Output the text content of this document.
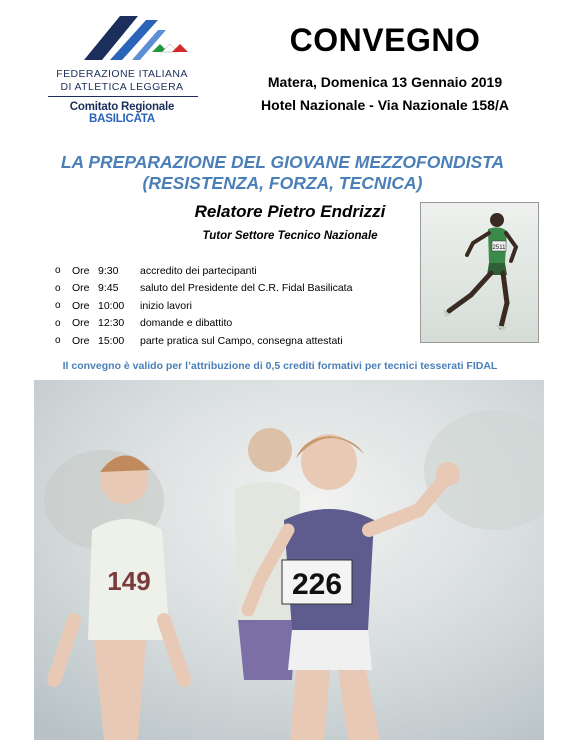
FEDERAZIONE ITALIANA
DI ATLETICA LEGGERA
Comitato Regionale BASILICATA
CONVEGNO
Matera, Domenica 13 Gennaio 2019
Hotel Nazionale - Via Nazionale 158/A
LA PREPARAZIONE DEL GIOVANE MEZZOFONDISTA
(RESISTENZA, FORZA, TECNICA)
Relatore Pietro Endrizzi
Tutor Settore Tecnico Nazionale
2511
o	Ore 9:30	accredito dei partecipanti
o	Ore 9:45	saluto del Presidente del C.R. Fidal Basilicata
o	Ore 10:00	inizio lavori
o	Ore 12:30	domande e dibattito
o	Ore 15:00	parte pratica sul Campo, consegna attestati
Il convegno è valido per l’attribuzione di 0,5 crediti formativi per tecnici tesserati FIDAL
149	226
